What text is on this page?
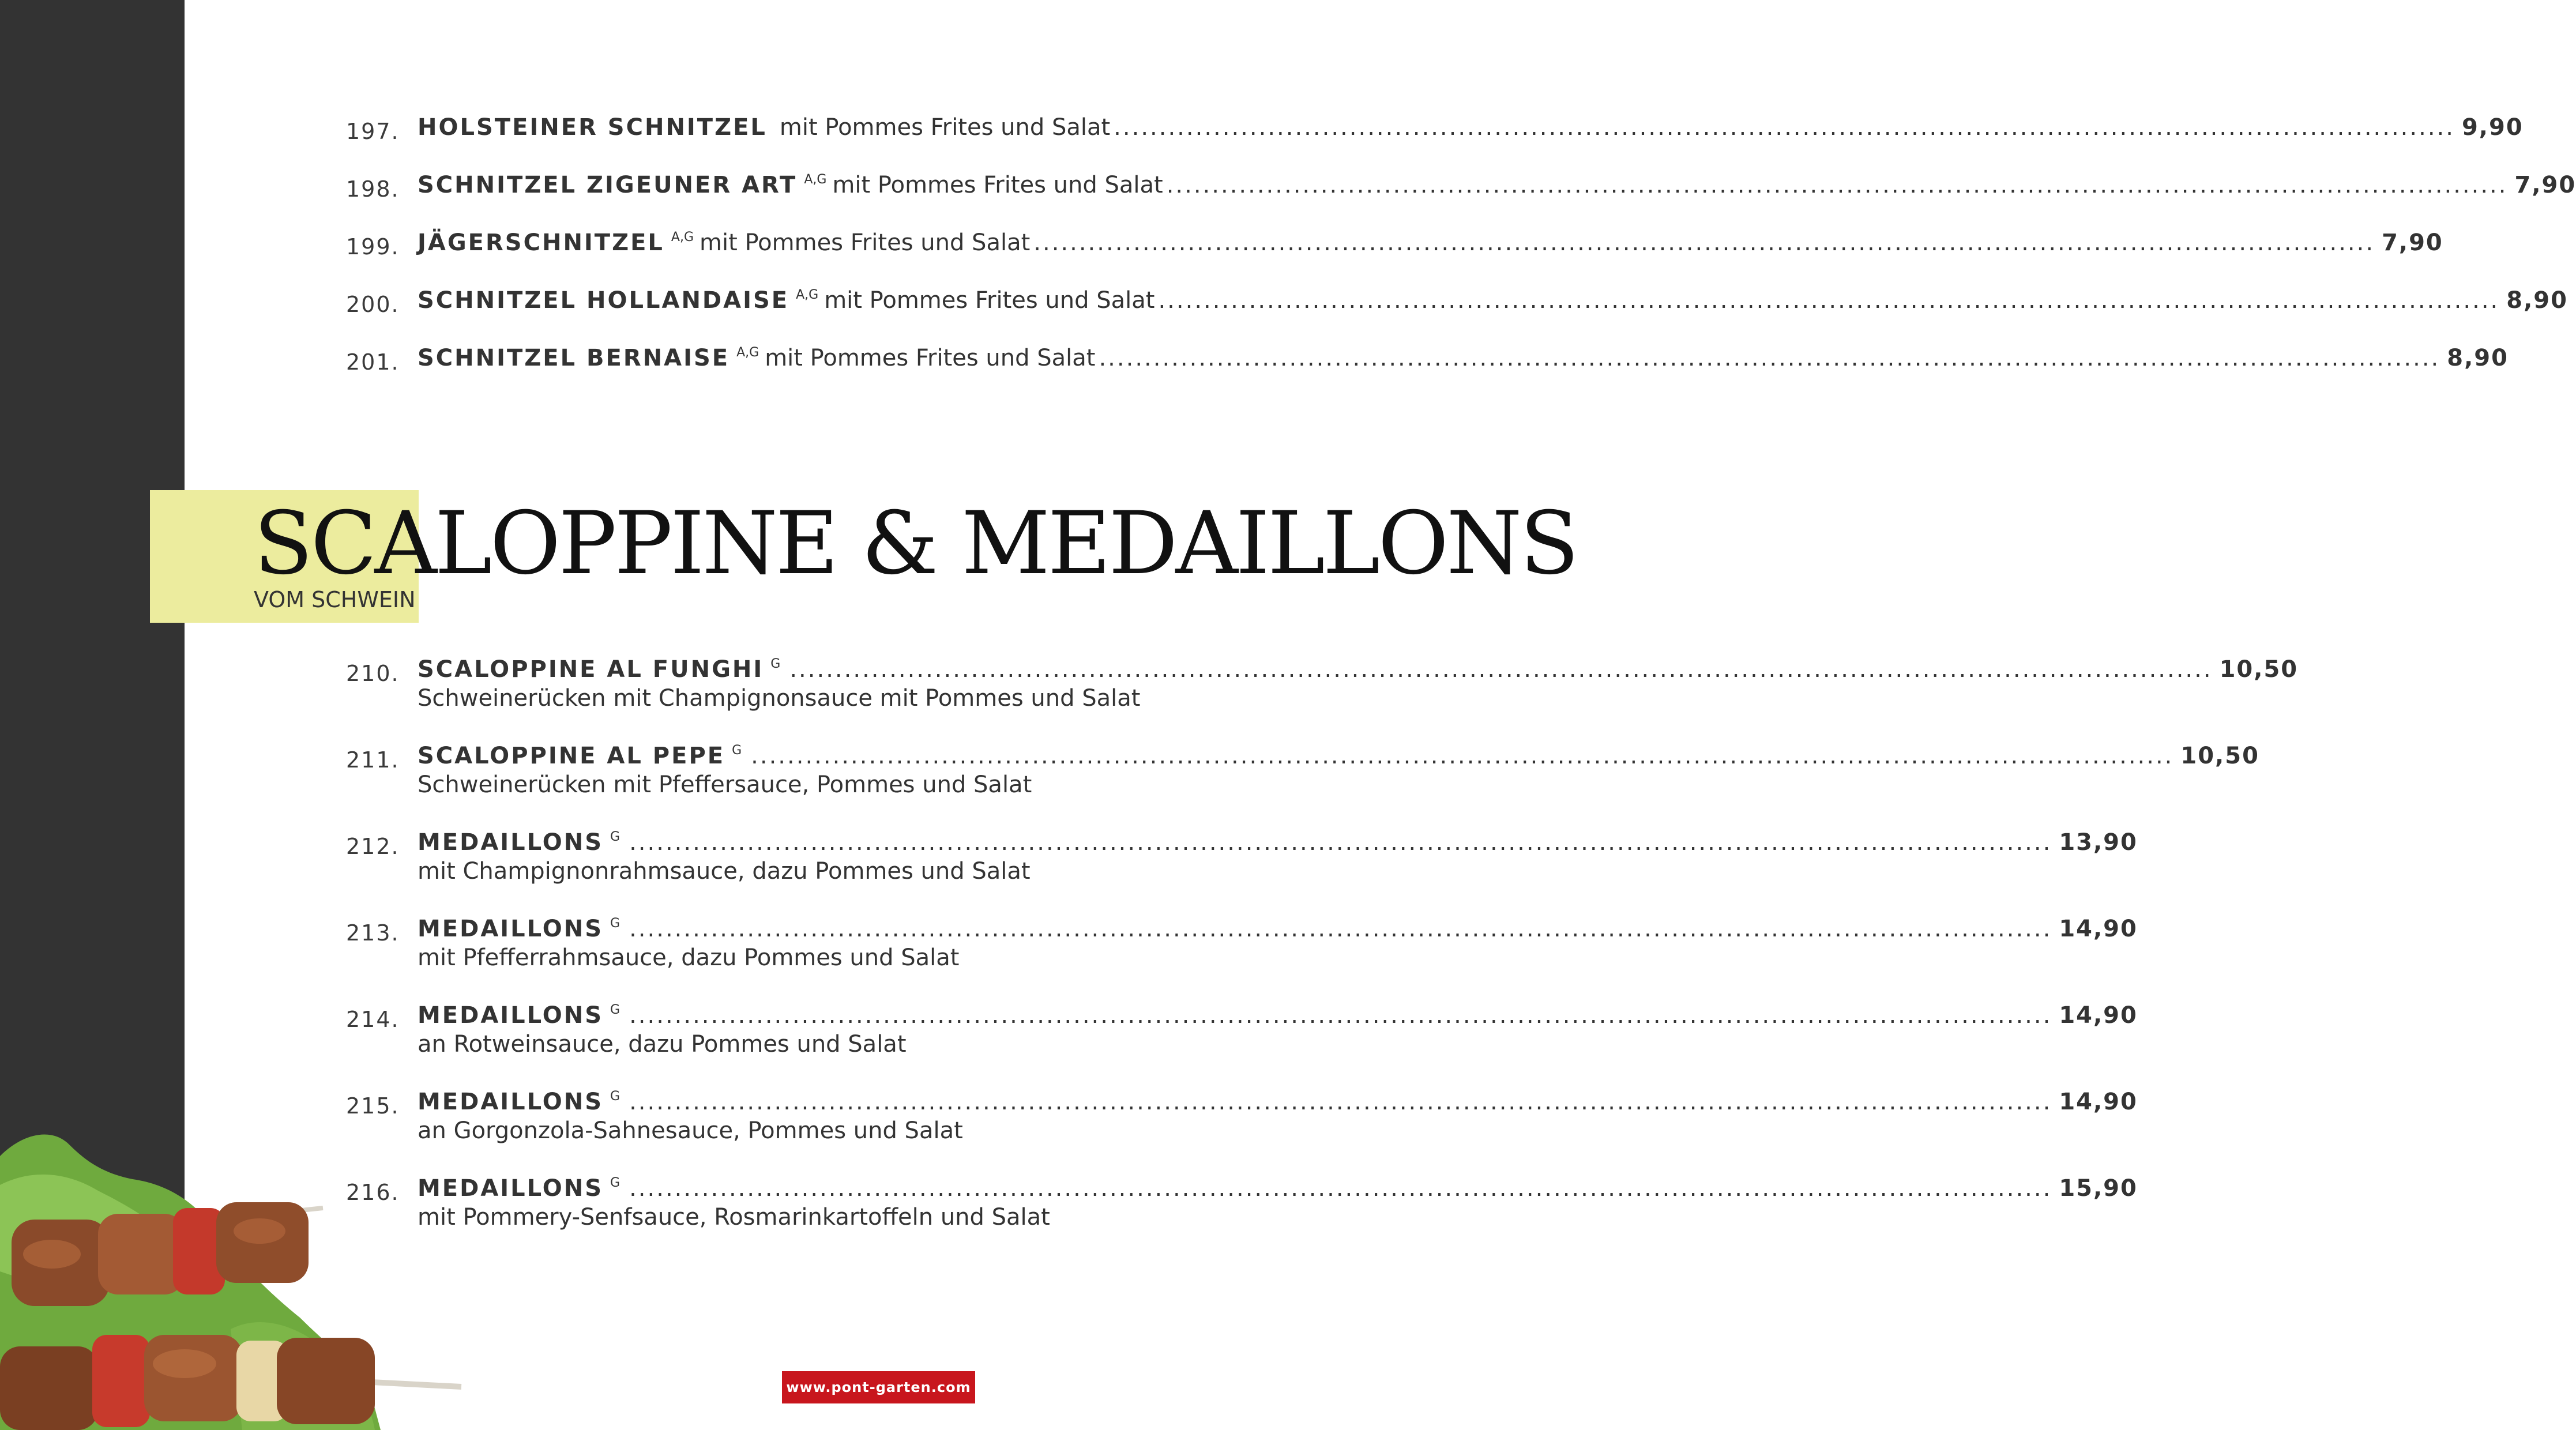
197. HOLSTEINER SCHNITZEL mit Pommes Frites und Salat .................................................................................................................................................... 9,90
198. SCHNITZEL ZIGEUNER ART A,G mit Pommes Frites und Salat .................................................................................................................................................... 7,90
199. JÄGERSCHNITZEL A,G mit Pommes Frites und Salat .................................................................................................................................................... 7,90
200. SCHNITZEL HOLLANDAISE A,G mit Pommes Frites und Salat .................................................................................................................................................... 8,90
201. SCHNITZEL BERNAISE A,G mit Pommes Frites und Salat .................................................................................................................................................... 8,90
SCALOPPINE & MEDAILLONS
VOM SCHWEIN
210. SCALOPPINE AL FUNGHI G ............................................................................................................................................................. 10,50
Schweinerücken mit Champignonsauce mit Pommes und Salat
211. SCALOPPINE AL PEPE G ............................................................................................................................................................. 10,50
Schweinerücken mit Pfeffersauce, Pommes und Salat
212. MEDAILLONS G ............................................................................................................................................................. 13,90
mit Champignonrahmsauce, dazu Pommes und Salat
213. MEDAILLONS G ............................................................................................................................................................. 14,90
mit Pfefferrahmsauce, dazu Pommes und Salat
214. MEDAILLONS G ............................................................................................................................................................. 14,90
an Rotweinsauce, dazu Pommes und Salat
215. MEDAILLONS G ............................................................................................................................................................. 14,90
an Gorgonzola-Sahnesauce, Pommes und Salat
216. MEDAILLONS G ............................................................................................................................................................. 15,90
mit Pommery-Senfsauce, Rosmarinkartoffeln und Salat
www.pont-garten.com
